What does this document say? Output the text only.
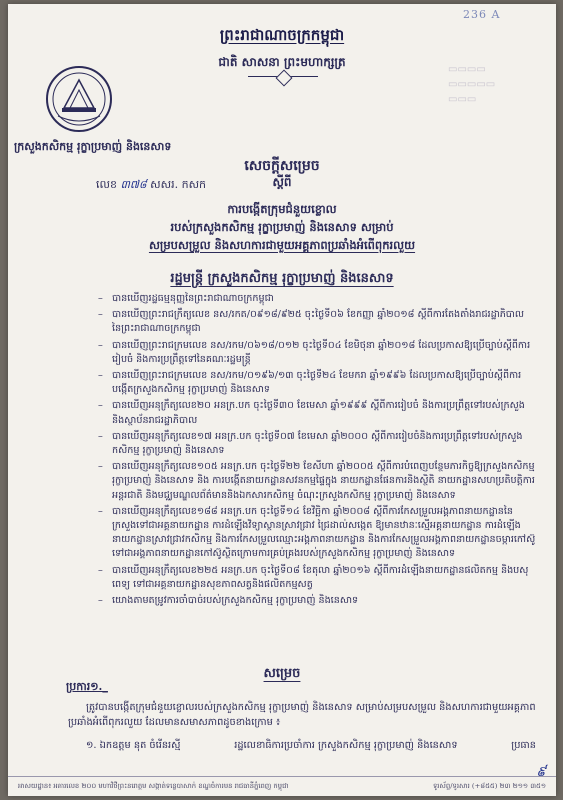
236 A
▭▭▭▭
▭▭▭▭▭
▭▭▭
ព្រះរាជាណាចក្រកម្ពុជា
ជាតិ សាសនា ព្រះមហាក្សត្រ
ក្រសួងកសិកម្ម រុក្ខាប្រមាញ់ និងនេសាទ
សេចក្ដីសម្រេច
លេខ ៣៧៨ សសរ. កសក	ស្ដីពី
ការបង្កើតក្រុមជំនួយខ្លោល
របស់ក្រសួងកសិកម្ម រុក្ខាប្រមាញ់ និងនេសាទ សម្រាប់
សម្របសម្រួល និងសហការជាមួយអគ្គភាពប្រឆាំងអំពើពុករលួយ
រដ្ឋមន្ត្រី ក្រសួងកសិកម្ម រុក្ខាប្រមាញ់ និងនេសាទ
– បានឃើញរដ្ឋធម្មនុញ្ញនៃព្រះរាជាណាចក្រកម្ពុជា
– បានឃើញព្រះរាជក្រឹត្យលេខ នស/រកត/០៩១៨/៩២៥ ចុះថ្ងៃទី០៦ ខែកញ្ញា ឆ្នាំ២០១៨ ស្ដីពីការតែងតាំងរាជរដ្ឋាភិបាល នៃព្រះរាជាណាចក្រកម្ពុជា
– បានឃើញព្រះរាជក្រមលេខ នស/រកម/០៦១៨/០១២ ចុះថ្ងៃទី០៤ ខែមិថុនា ឆ្នាំ២០១៨ ដែលប្រកាសឱ្យប្រើច្បាប់ស្ដីពីការរៀបចំ និងការប្រព្រឹត្តទៅនៃគណៈរដ្ឋមន្ត្រី
– បានឃើញព្រះរាជក្រមលេខ នស/រកម/០១៩៦/១៣ ចុះថ្ងៃទី២៤ ខែមករា ឆ្នាំ១៩៩៦ ដែលប្រកាសឱ្យប្រើច្បាប់ស្ដីពីការបង្កើតក្រសួងកសិកម្ម រុក្ខាប្រមាញ់ និងនេសាទ
– បានឃើញអនុក្រឹត្យលេខ២០ អនក្រ.បក ចុះថ្ងៃទី៣០ ខែមេសា ឆ្នាំ១៩៩៩ ស្ដីពីការរៀបចំ និងការប្រព្រឹត្តទៅរបស់ក្រសួង និងស្ថាប័នរាជរដ្ឋាភិបាល
– បានឃើញអនុក្រឹត្យលេខ១៧ អនក្រ.បក ចុះថ្ងៃទី០៧ ខែមេសា ឆ្នាំ២០០០ ស្ដីពីការរៀបចំនិងការប្រព្រឹត្តទៅរបស់ក្រសួងកសិកម្ម រុក្ខាប្រមាញ់ និងនេសាទ
– បានឃើញអនុក្រឹត្យលេខ១០៥ អនក្រ.បក ចុះថ្ងៃទី២២ ខែសីហា ឆ្នាំ២០០៥ ស្ដីពីការបំពេញបន្ថែមភារកិច្ចឱ្យក្រសួងកសិកម្ម រុក្ខាប្រមាញ់ និងនេសាទ និង ការបង្កើតនាយកដ្ឋានសវនកម្មផ្ទៃក្នុង នាយកដ្ឋានផែនការនិងស្ថិតិ នាយកដ្ឋានសហប្រតិបត្តិការអន្តរជាតិ និងមជ្ឈមណ្ឌលព័ត៌មាននិងឯកសារកសិកម្ម ចំណុះក្រសួងកសិកម្ម រុក្ខាប្រមាញ់ និងនេសាទ
– បានឃើញអនុក្រឹត្យលេខ១៨៨ អនក្រ.បក ចុះថ្ងៃទី១៤ ខែវិច្ឆិកា ឆ្នាំ២០០៨ ស្ដីពីការកែសម្រួលអង្គភាពនាយកដ្ឋាននៃក្រសួងទៅជាអគ្គនាយកដ្ឋាន ការដំឡើងវិទ្យាស្ថានស្រាវជ្រាវ ជ្រៃដាល់សង្កេត ឱ្យមានឋានៈស្មើអគ្គនាយកដ្ឋាន ការដំឡើងនាយកដ្ឋានស្រាវជ្រាវកសិកម្ម និងការកែសម្រួលឈ្មោះអង្គភាពនាយកដ្ឋាន និងការកែសម្រួលអង្គភាពនាយកដ្ឋានចម្ការកៅស៊ូទៅជាអង្គភាពនាយកដ្ឋានកៅស៊ូស្ថិតក្រោមការគ្រប់គ្រងរបស់ក្រសួងកសិកម្ម រុក្ខាប្រមាញ់ និងនេសាទ
– បានឃើញអនុក្រឹត្យលេខ២២៥ អនក្រ.បក ចុះថ្ងៃទី០៨ ខែតុលា ឆ្នាំ២០១៦ ស្ដីពីការដំឡើងនាយកដ្ឋានផលិតកម្ម និងបសុពេទ្យ ទៅជាអគ្គនាយកដ្ឋានសុខភាពសត្វនិងផលិតកម្មសត្វ
– យោងតាមតម្រូវការចាំបាច់របស់ក្រសួងកសិកម្ម រុក្ខាប្រមាញ់ និងនេសាទ
សម្រេច
ប្រការ១._
ត្រូវបានបង្កើតក្រុមជំនួយខ្លោលរបស់ក្រសួងកសិកម្ម រុក្ខាប្រមាញ់ និងនេសាទ សម្រាប់សម្របសម្រួល និងសហការជាមួយអគ្គភាពប្រឆាំងអំពើពុករលួយ ដែលមានសមាសភាពដូចខាងក្រោម ៖
១. ឯកឧត្តម នុត ចំរើនរស្មី	រដ្ឋលេខាធិការប្រចាំការ ក្រសួងកសិកម្ម រុក្ខាប្រមាញ់ និងនេសាទ	ប្រធាន
៩
អាសយដ្ឋាន៖ អគារលេខ ២០០ មហាវិថីព្រះនរោត្តម សង្កាត់ទន្លេបាសាក់ ខណ្ឌចំការមន រាជធានីភ្នំពេញ កម្ពុជា	ទូរស័ព្ទ/ទូរសារ (+៨៥៥) ២៣ ២១១ ៣៥១
